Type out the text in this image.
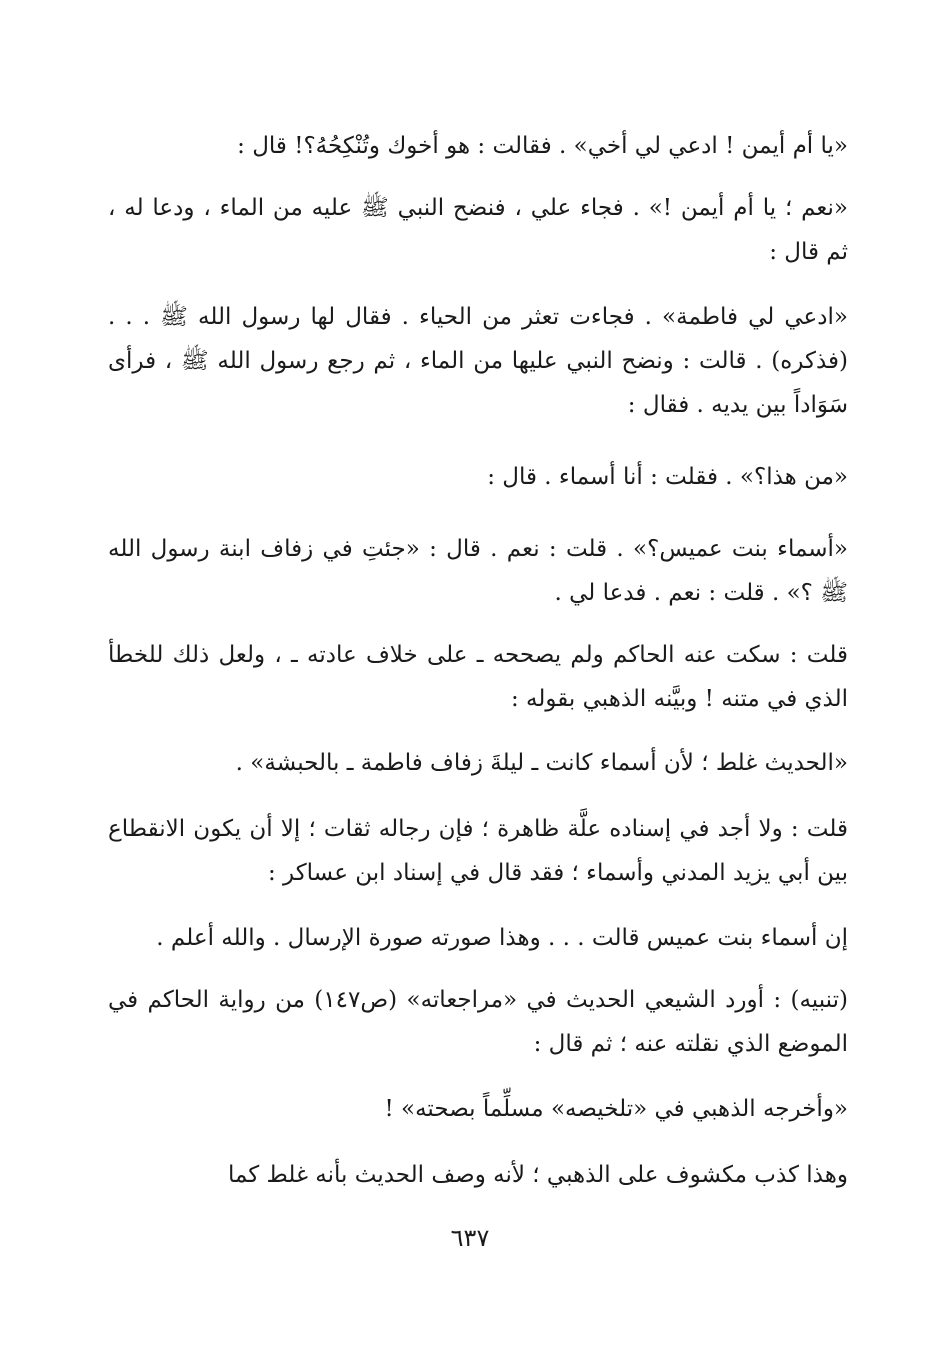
«يا أم أيمن ! ادعي لي أخي» . فقالت : هو أخوك وتُنْكِحُهُ؟! قال :

«نعم ؛ يا أم أيمن !» . فجاء علي ، فنضح النبي ﷺ عليه من الماء ، ودعا له ، ثم قال :

«ادعي لي فاطمة» . فجاءت تعثر من الحياء . فقال لها رسول الله ﷺ . . . (فذكره) . قالت : ونضح النبي عليها من الماء ، ثم رجع رسول الله ﷺ ، فرأى سَوَاداً بين يديه . فقال :

«من هذا؟» . فقلت : أنا أسماء . قال :

«أسماء بنت عميس؟» . قلت : نعم . قال : «جئتِ في زفاف ابنة رسول الله ﷺ ؟» . قلت : نعم . فدعا لي .

قلت : سكت عنه الحاكم ولم يصححه ـ على خلاف عادته ـ ، ولعل ذلك للخطأ الذي في متنه ! وبيَّنه الذهبي بقوله :

«الحديث غلط ؛ لأن أسماء كانت ـ ليلةَ زفاف فاطمة ـ بالحبشة» .

قلت : ولا أجد في إسناده علَّة ظاهرة ؛ فإن رجاله ثقات ؛ إلا أن يكون الانقطاع بين أبي يزيد المدني وأسماء ؛ فقد قال في إسناد ابن عساكر :

إن أسماء بنت عميس قالت . . . وهذا صورته صورة الإرسال . والله أعلم .

(تنبيه) : أورد الشيعي الحديث في «مراجعاته» (ص١٤٧) من رواية الحاكم في الموضع الذي نقلته عنه ؛ ثم قال :

«وأخرجه الذهبي في «تلخيصه» مسلِّماً بصحته» !

وهذا كذب مكشوف على الذهبي ؛ لأنه وصف الحديث بأنه غلط كما

٦٣٧
